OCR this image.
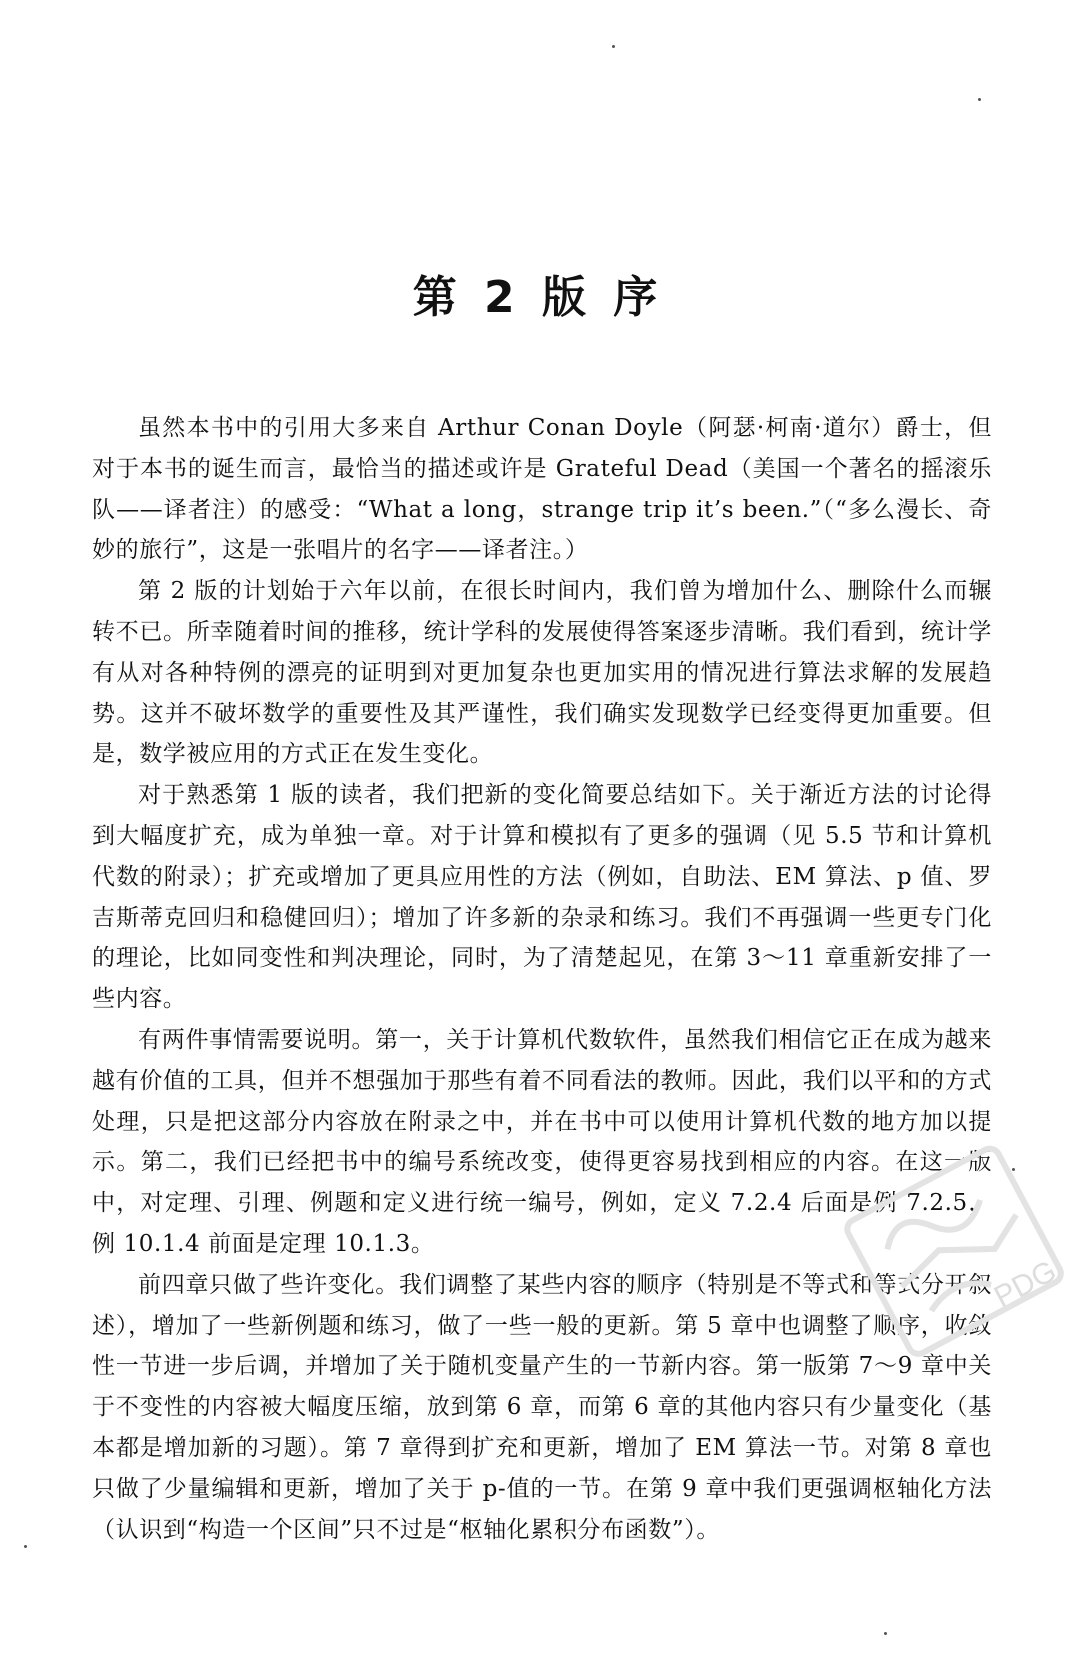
第 2 版 序

虽然本书中的引用大多来自 Arthur Conan Doyle（阿瑟·柯南·道尔）爵士，但对于本书的诞生而言，最恰当的描述或许是 Grateful Dead（美国一个著名的摇滚乐队——译者注）的感受：“What a long，strange trip it’s been.”（“多么漫长、奇妙的旅行”，这是一张唱片的名字——译者注。）

第 2 版的计划始于六年以前，在很长时间内，我们曾为增加什么、删除什么而辗转不已。所幸随着时间的推移，统计学科的发展使得答案逐步清晰。我们看到，统计学有从对各种特例的漂亮的证明到对更加复杂也更加实用的情况进行算法求解的发展趋势。这并不破坏数学的重要性及其严谨性，我们确实发现数学已经变得更加重要。但是，数学被应用的方式正在发生变化。

对于熟悉第 1 版的读者，我们把新的变化简要总结如下。关于渐近方法的讨论得到大幅度扩充，成为单独一章。对于计算和模拟有了更多的强调（见 5.5 节和计算机代数的附录）；扩充或增加了更具应用性的方法（例如，自助法、EM 算法、p 值、罗吉斯蒂克回归和稳健回归）；增加了许多新的杂录和练习。我们不再强调一些更专门化的理论，比如同变性和判决理论，同时，为了清楚起见，在第 3～11 章重新安排了一些内容。

有两件事情需要说明。第一，关于计算机代数软件，虽然我们相信它正在成为越来越有价值的工具，但并不想强加于那些有着不同看法的教师。因此，我们以平和的方式处理，只是把这部分内容放在附录之中，并在书中可以使用计算机代数的地方加以提示。第二，我们已经把书中的编号系统改变，使得更容易找到相应的内容。在这一版中，对定理、引理、例题和定义进行统一编号，例如，定义 7.2.4 后面是例 7.2.5，例 10.1.4 前面是定理 10.1.3。

前四章只做了些许变化。我们调整了某些内容的顺序（特别是不等式和等式分开叙述），增加了一些新例题和练习，做了一些一般的更新。第 5 章中也调整了顺序，收敛性一节进一步后调，并增加了关于随机变量产生的一节新内容。第一版第 7～9 章中关于不变性的内容被大幅度压缩，放到第 6 章，而第 6 章的其他内容只有少量变化（基本都是增加新的习题）。第 7 章得到扩充和更新，增加了 EM 算法一节。对第 8 章也只做了少量编辑和更新，增加了关于 p-值的一节。在第 9 章中我们更强调枢轴化方法（认识到“构造一个区间”只不过是“枢轴化累积分布函数”）。

PDG
